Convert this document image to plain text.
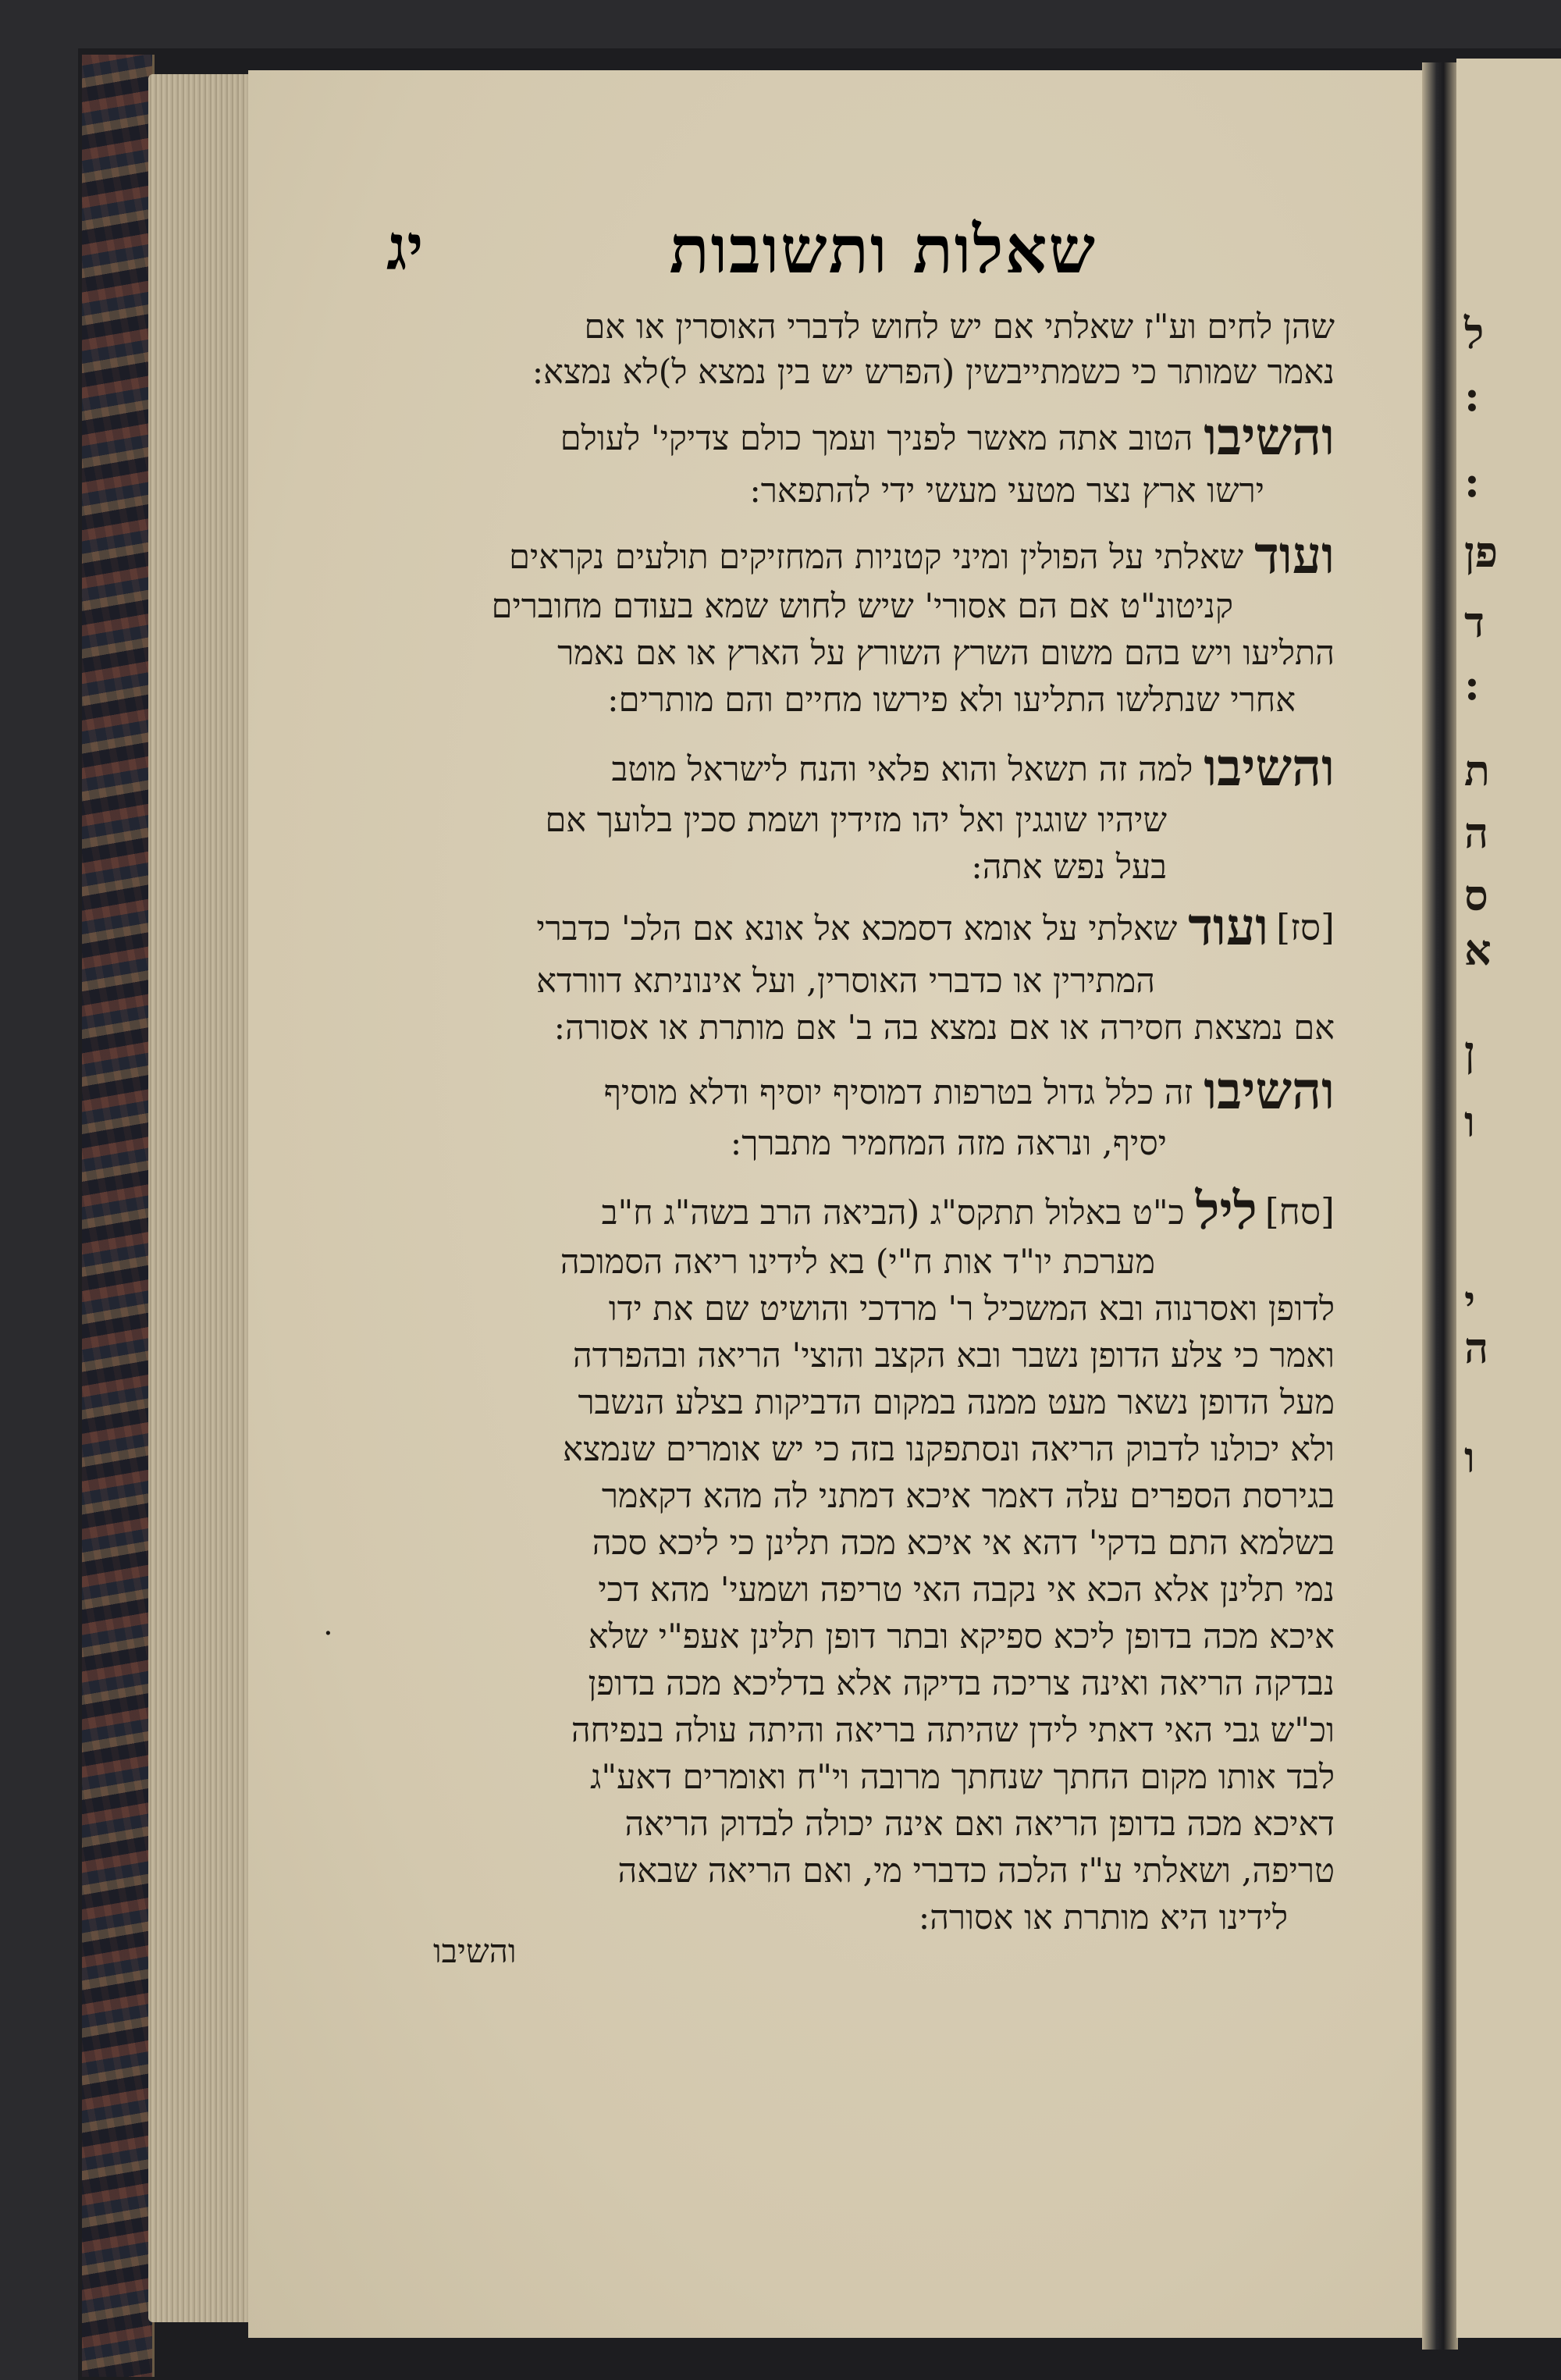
ל
:
:
פן
ד
:
ת
ה
ס
א
ן
ו
י
ה
ו
שאלות ותשובות
יג
שהן לחים וע"ז שאלתי אם יש לחוש לדברי האוסרין או אם
נאמר שמותר כי כשמתייבשין (הפרש יש בין נמצא ל)לא נמצא:
והשיבוהטוב אתה מאשר לפניך ועמך כולם צדיקי' לעולם
ירשו ארץ נצר מטעי מעשי ידי להתפאר:
ועודשאלתי על הפולין ומיני קטניות המחזיקים תולעים נקראים
קניטונ"ט אם הם אסורי' שיש לחוש שמא בעודם מחוברים
התליעו ויש בהם משום השרץ השורץ על הארץ או אם נאמר
אחרי שנתלשו התליעו ולא פירשו מחיים והם מותרים:
והשיבולמה זה תשאל והוא פלאי והנח לישראל מוטב
שיהיו שוגגין ואל יהו מזידין ושמת סכין בלועך אם
בעל נפש אתה:
[סז]ועודשאלתי על אומא דסמכא אל אונא אם הלכ' כדברי
המתירין או כדברי האוסרין, ועל אינוניתא דוורדא
אם נמצאת חסירה או אם נמצא בה ב' אם מותרת או אסורה:
והשיבוזה כלל גדול בטרפות דמוסיף יוסיף ודלא מוסיף
יסיף, ונראה מזה המחמיר מתברך:
[סח]לילכ"ט באלול תתקס"ג (הביאה הרב בשה"ג ח"ב
מערכת יו"ד אות ח"י) בא לידינו ריאה הסמוכה
לדופן ואסרנוה ובא המשכיל ר' מרדכי והושיט שם את ידו
ואמר כי צלע הדופן נשבר ובא הקצב והוצי' הריאה ובהפרדה
מעל הדופן נשאר מעט ממנה במקום הדביקות בצלע הנשבר
ולא יכולנו לדבוק הריאה ונסתפקנו בזה כי יש אומרים שנמצא
בגירסת הספרים עלה דאמר איכא דמתני לה מהא דקאמר
בשלמא התם בדקי' דהא אי איכא מכה תלינן כי ליכא סכה
נמי תלינן אלא הכא אי נקבה האי טריפה ושמעי' מהא דכי
איכא מכה בדופן ליכא ספיקא ובתר דופן תלינן אעפ"י שלא
נבדקה הריאה ואינה צריכה בדיקה אלא בדליכא מכה בדופן
וכ"ש גבי האי דאתי לידן שהיתה בריאה והיתה עולה בנפיחה
לבד אותו מקום החתך שנחתך מרובה וי"ח ואומרים דאע"ג
דאיכא מכה בדופן הריאה ואם אינה יכולה לבדוק הריאה
טריפה, ושאלתי ע"ז הלכה כדברי מי, ואם הריאה שבאה
לידינו היא מותרת או אסורה:
.
והשיבו
